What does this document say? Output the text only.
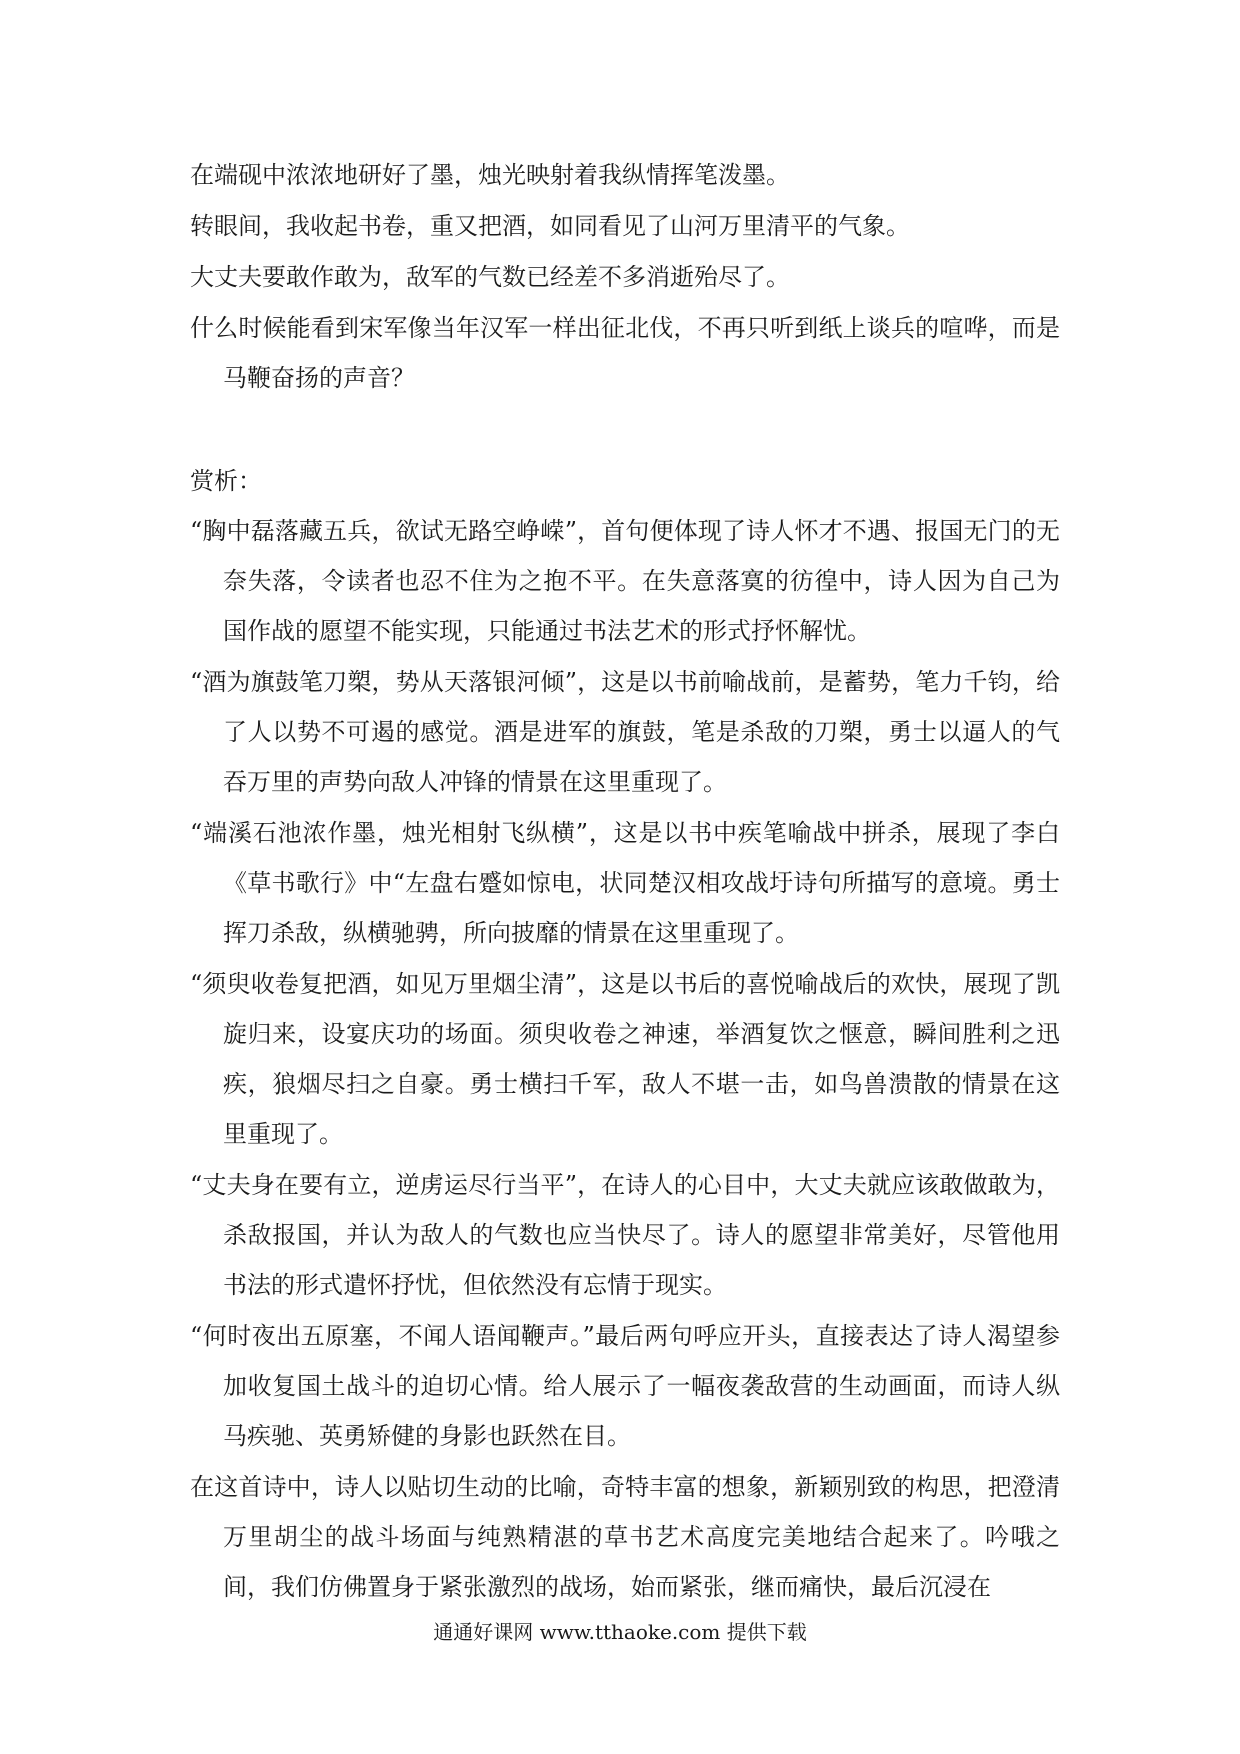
在端砚中浓浓地研好了墨，烛光映射着我纵情挥笔泼墨。

转眼间，我收起书卷，重又把酒，如同看见了山河万里清平的气象。

大丈夫要敢作敢为，敌军的气数已经差不多消逝殆尽了。

什么时候能看到宋军像当年汉军一样出征北伐，不再只听到纸上谈兵的喧哗，而是马鞭奋扬的声音？

赏析：

“胸中磊落藏五兵，欲试无路空峥嵘”，首句便体现了诗人怀才不遇、报国无门的无奈失落，令读者也忍不住为之抱不平。在失意落寞的彷徨中，诗人因为自己为国作战的愿望不能实现，只能通过书法艺术的形式抒怀解忧。

“酒为旗鼓笔刀槊，势从天落银河倾”，这是以书前喻战前，是蓄势，笔力千钧，给了人以势不可遏的感觉。酒是进军的旗鼓，笔是杀敌的刀槊，勇士以逼人的气吞万里的声势向敌人冲锋的情景在这里重现了。

“端溪石池浓作墨，烛光相射飞纵横”，这是以书中疾笔喻战中拼杀，展现了李白《草书歌行》中“左盘右蹙如惊电，状同楚汉相攻战圩诗句所描写的意境。勇士挥刀杀敌，纵横驰骋，所向披靡的情景在这里重现了。

“须臾收卷复把酒，如见万里烟尘清”，这是以书后的喜悦喻战后的欢快，展现了凯旋归来，设宴庆功的场面。须臾收卷之神速，举酒复饮之惬意，瞬间胜利之迅疾，狼烟尽扫之自豪。勇士横扫千军，敌人不堪一击，如鸟兽溃散的情景在这里重现了。

“丈夫身在要有立，逆虏运尽行当平”，在诗人的心目中，大丈夫就应该敢做敢为，杀敌报国，并认为敌人的气数也应当快尽了。诗人的愿望非常美好，尽管他用书法的形式遣怀抒忧，但依然没有忘情于现实。

“何时夜出五原塞，不闻人语闻鞭声。”最后两句呼应开头，直接表达了诗人渴望参加收复国土战斗的迫切心情。给人展示了一幅夜袭敌营的生动画面，而诗人纵马疾驰、英勇矫健的身影也跃然在目。

在这首诗中，诗人以贴切生动的比喻，奇特丰富的想象，新颖别致的构思，把澄清万里胡尘的战斗场面与纯熟精湛的草书艺术高度完美地结合起来了。吟哦之间，我们仿佛置身于紧张激烈的战场，始而紧张，继而痛快，最后沉浸在

通通好课网 www.tthaoke.com 提供下载
